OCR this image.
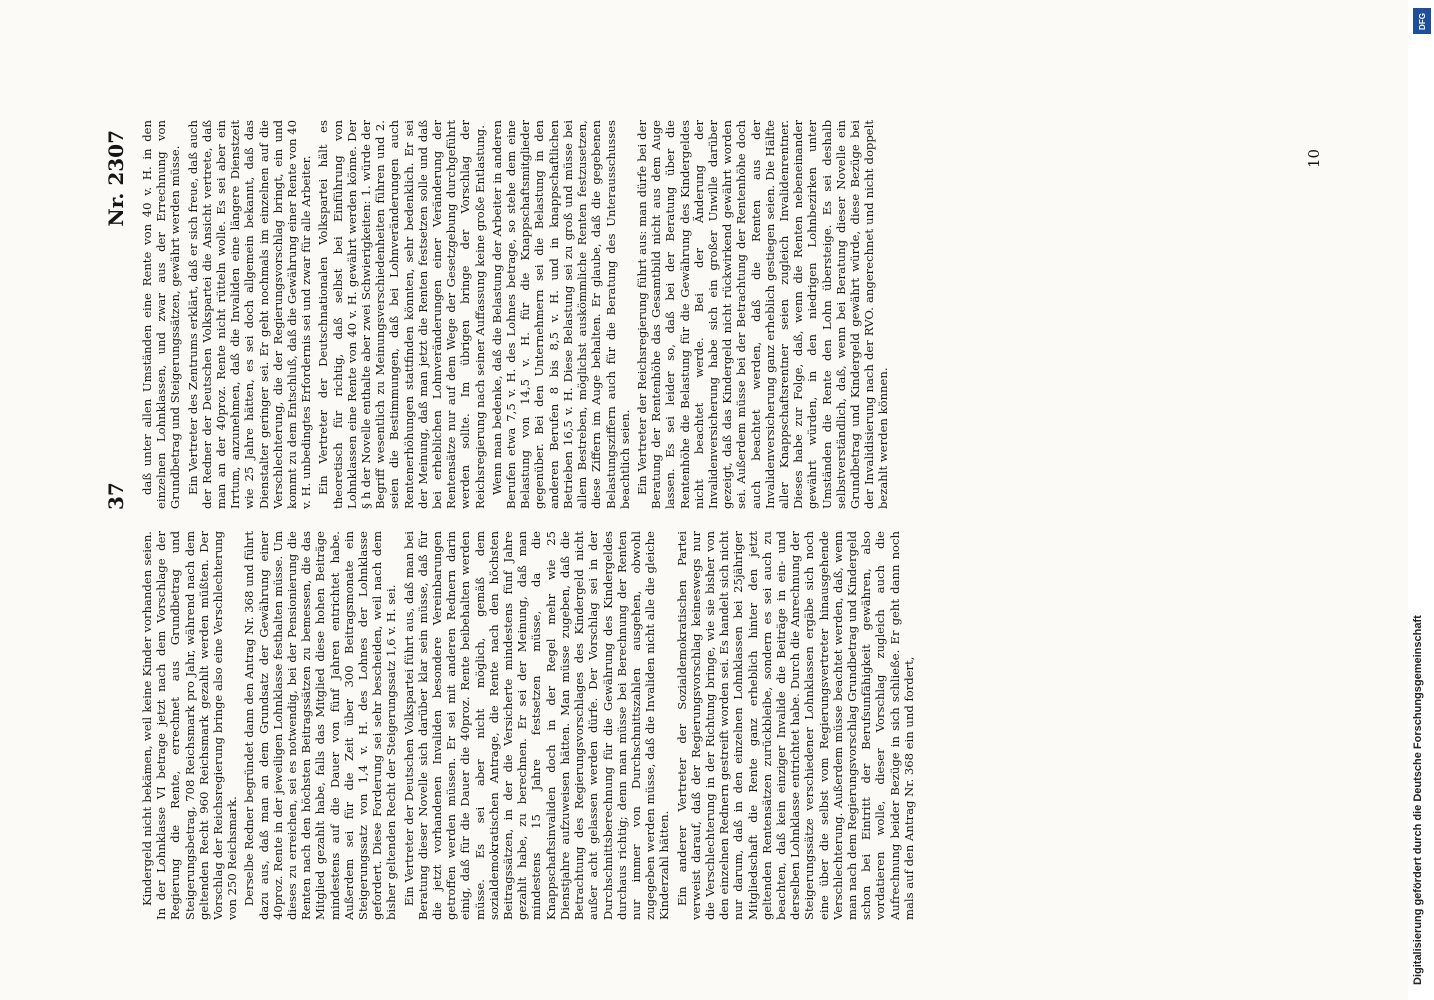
37
Nr. 2307

Kindergeld nicht bekämen, weil keine Kinder vorhanden seien. In der Lohnklasse VI betrage jetzt nach dem Vorschlage der Regierung die Rente, errechnet aus Grundbetrag und Steigerungsbetrag, 708 Reichsmark pro Jahr, während nach dem geltenden Recht 960 Reichsmark gezahlt werden müßten. Der Vorschlag der Reichsregierung bringe also eine Verschlechterung von 250 Reichsmark. Derselbe Redner begründet dann den Antrag Nr. 368 und führt dazu aus, daß man an dem Grundsatz der Gewährung einer 40proz. Rente in der jeweiligen Lohnklasse festhalten müsse. Um dieses zu erreichen, sei es notwendig, bei der Pensionierung die Renten nach den höchsten Beitragssätzen zu bemessen, die das Mitglied gezahlt habe, falls das Mitglied diese hohen Beiträge mindestens auf die Dauer von fünf Jahren entrichtet habe. Außerdem sei für die Zeit über 300 Beitragsmonate ein Steigerungssatz von 1,4 v. H. des Lohnes der Lohnklasse gefordert. Diese Forderung sei sehr bescheiden, weil nach dem bisher geltenden Recht der Steigerungssatz 1,6 v. H. sei. Ein Vertreter der Deutschen Volkspartei führt aus, daß man bei Beratung dieser Novelle sich darüber klar sein müsse, daß für die jetzt vorhandenen Invaliden besondere Vereinbarungen getroffen werden müssen. Er sei mit anderen Rednern darin einig, daß für die Dauer die 40proz. Rente beibehalten werden müsse. Es sei aber nicht möglich, gemäß dem sozialdemokratischen Antrage, die Rente nach den höchsten Beitragssätzen, in der die Versicherte mindestens fünf Jahre gezahlt habe, zu berechnen. Er sei der Meinung, daß man mindestens 15 Jahre festsetzen müsse, da die Knappschaftsinvaliden doch in der Regel mehr wie 25 Dienstjahre aufzuweisen hätten. Man müsse zugeben, daß die Betrachtung des Regierungsvorschlages des Kindergeld nicht außer acht gelassen werden dürfe. Der Vorschlag sei in der Durchschnittsberechnung für die Gewährung des Kindergeldes durchaus richtig; denn man müsse bei Berechnung der Renten nur immer von Durchschnittszahlen ausgehen, obwohl zugegeben werden müsse, daß die Invaliden nicht alle die gleiche Kinderzahl hätten. Ein anderer Vertreter der Sozialdemokratischen Partei verweist darauf, daß der Regierungsvorschlag keineswegs nur die Verschlechterung in der Richtung bringe, wie sie bisher von den einzelnen Rednern gestreift worden sei. Es handelt sich nicht nur darum, daß in den einzelnen Lohnklassen bei 25jähriger Mitgliedschaft die Rente ganz erheblich hinter den jetzt geltenden Rentensätzen zurückbleibe, sondern es sei auch zu beachten, daß kein einziger Invalide die Beiträge in ein- und derselben Lohnklasse entrichtet habe. Durch die Anrechnung der Steigerungssätze verschiedener Lohnklassen ergäbe sich noch eine über die selbst vom Regierungsvertreter hinausgehende Verschlechterung. Außerdem müsse beachtet werden, daß, wenn man nach dem Regierungsvorschlag Grundbetrag und Kindergeld schon bei Eintritt der Berufsunfähigkeit gewähren, also vordatieren wolle, dieser Vorschlag zugleich auch die Aufrechnung beider Bezüge in sich schließe. Er geht dann noch mals auf den Antrag Nr. 368 ein und fordert,

daß unter allen Umständen eine Rente von 40 v. H. in den einzelnen Lohnklassen, und zwar aus der Errechnung von Grundbetrag und Steigerungssätzen, gewährt werden müsse. Ein Vertreter des Zentrums erklärt, daß er sich freue, daß auch der Redner der Deutschen Volkspartei die Ansicht vertrete, daß man an der 40proz. Rente nicht rütteln wolle. Es sei aber ein Irrtum, anzunehmen, daß die Invaliden eine längere Dienstzeit wie 25 Jahre hätten, es sei doch allgemein bekannt, daß das Dienstalter geringer sei. Er geht nochmals im einzelnen auf die Verschlechterung, die der Regierungsvorschlag bringt, ein und kommt zu dem Entschluß, daß die Gewährung einer Rente von 40 v. H. unbedingtes Erfordernis sei und zwar für alle Arbeiter. Ein Vertreter der Deutschnationalen Volkspartei hält es theoretisch für richtig, daß selbst bei Einführung von Lohnklassen eine Rente von 40 v. H. gewährt werden könne. Der § h der Novelle enthalte aber zwei Schwierigkeiten: 1. würde der Begriff wesentlich zu Meinungsverschiedenheiten führen und 2. seien die Bestimmungen, daß bei Lohnveränderungen auch Rentenerhöhungen stattfinden könnten, sehr bedenklich. Er sei der Meinung, daß man jetzt die Renten festsetzen solle und daß bei erheblichen Lohnveränderungen einer Veränderung der Rentensätze nur auf dem Wege der Gesetzgebung durchgeführt werden sollte. Im übrigen bringe der Vorschlag der Reichsregierung nach seiner Auffassung keine große Entlastung. Wenn man bedenke, daß die Belastung der Arbeiter in anderen Berufen etwa 7,5 v. H. des Lohnes betrage, so stehe dem eine Belastung von 14,5 v. H. für die Knappschaftsmitglieder gegenüber. Bei den Unternehmern sei die Belastung in den anderen Berufen 8 bis 8,5 v. H. und in knappschaftlichen Betrieben 16,5 v. H. Diese Belastung sei zu groß und müsse bei allem Bestreben, möglichst auskömmliche Renten festzusetzen, diese Ziffern im Auge behalten. Er glaube, daß die gegebenen Belastungsziffern auch für die Beratung des Unterausschusses beachtlich seien. Ein Vertreter der Reichsregierung führt aus: man dürfe bei der Beratung der Rentenhöhe das Gesamtbild nicht aus dem Auge lassen. Es sei leider so, daß bei der Beratung über die Rentenhöhe die Belastung für die Gewährung des Kindergeldes nicht beachtet werde. Bei der Änderung der Invalidenversicherung habe sich ein großer Unwille darüber gezeigt, daß das Kindergeld nicht rückwirkend gewährt worden sei. Außerdem müsse bei der Betrachtung der Rentenhöhe doch auch beachtet werden, daß die Renten aus der Invalidenversicherung ganz erheblich gestiegen seien. Die Hälfte aller Knappschaftsrentner seien zugleich Invalidenrentner. Dieses habe zur Folge, daß, wenn die Renten nebeneinander gewährt würden, in den niedrigen Lohnbezirken unter Umständen die Rente den Lohn übersteige. Es sei deshalb selbstverständlich, daß, wenn bei Beratung dieser Novelle ein Grundbetrag und Kindergeld gewährt würde, diese Bezüge bei der Invalidisierung nach der RVO. angerechnet und nicht doppelt bezahlt werden können.

10
DFG
Digitalisierung gefördert durch die Deutsche Forschungsgemeinschaft
